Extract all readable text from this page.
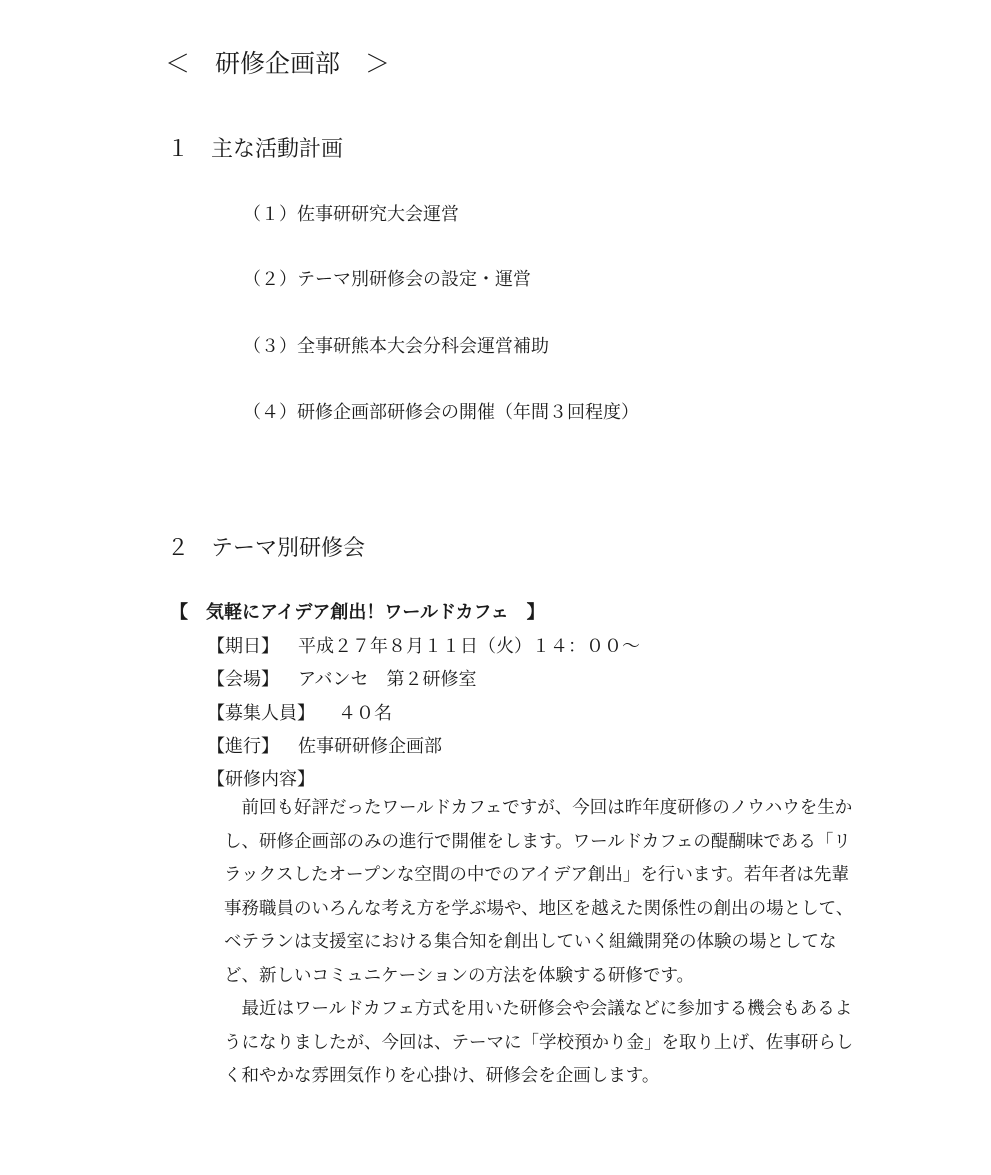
＜　研修企画部　＞
１　主な活動計画
（１）佐事研研究大会運営
（２）テーマ別研修会の設定・運営
（３）全事研熊本大会分科会運営補助
（４）研修企画部研修会の開催（年間３回程度）
２　テーマ別研修会
【　気軽にアイデア創出！ワールドカフェ　】
【期日】 平成２７年８月１１日（火）１４：００～
【会場】 アバンセ　第２研修室
【募集人員】 ４０名
【進行】 佐事研研修企画部
【研修内容】

前回も好評だったワールドカフェですが、今回は昨年度研修のノウハウを生かし、研修企画部のみの進行で開催をします。ワールドカフェの醍醐味である「リラックスしたオープンな空間の中でのアイデア創出」を行います。若年者は先輩事務職員のいろんな考え方を学ぶ場や、地区を越えた関係性の創出の場として、ベテランは支援室における集合知を創出していく組織開発の体験の場としてなど、新しいコミュニケーションの方法を体験する研修です。

最近はワールドカフェ方式を用いた研修会や会議などに参加する機会もあるようになりましたが、今回は、テーマに「学校預かり金」を取り上げ、佐事研らしく和やかな雰囲気作りを心掛け、研修会を企画します。
